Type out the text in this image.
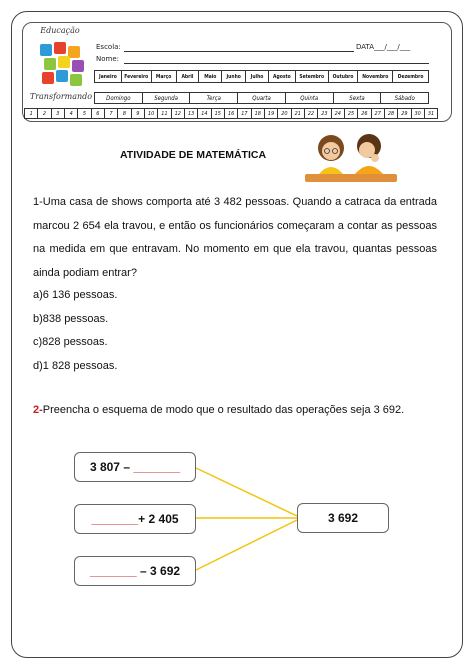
Educação
Transformando
Escola:	DATA___/___/___
Nome:
Janeiro	Fevereiro	Março	Abril	Maio	Junho	Julho	Agosto	Setembro	Outubro	Novembro	Dezembro
Domingo	Segunda	Terça	Quarta	Quinta	Sexta	Sábado
1	2	3	4	5	6	7	8	9	10	11	12	13	14	15	16	17	18	19	20	21	22	23	24	25	26	27	28	29	30	31
ATIVIDADE DE MATEMÁTICA
1-Uma casa de shows comporta até 3 482 pessoas. Quando a catraca da entrada marcou 2 654 ela travou, e então os funcionários começaram a contar as pessoas na medida em que entravam. No momento em que ela travou, quantas pessoas ainda podiam entrar?
a)6 136 pessoas.
b)838 pessoas.
c)828 pessoas.
d)1 828 pessoas.
2-Preencha o esquema de modo que o resultado das operações seja 3 692.
3 807 – _______
_______ + 2 405
_______ – 3 692
3 692
